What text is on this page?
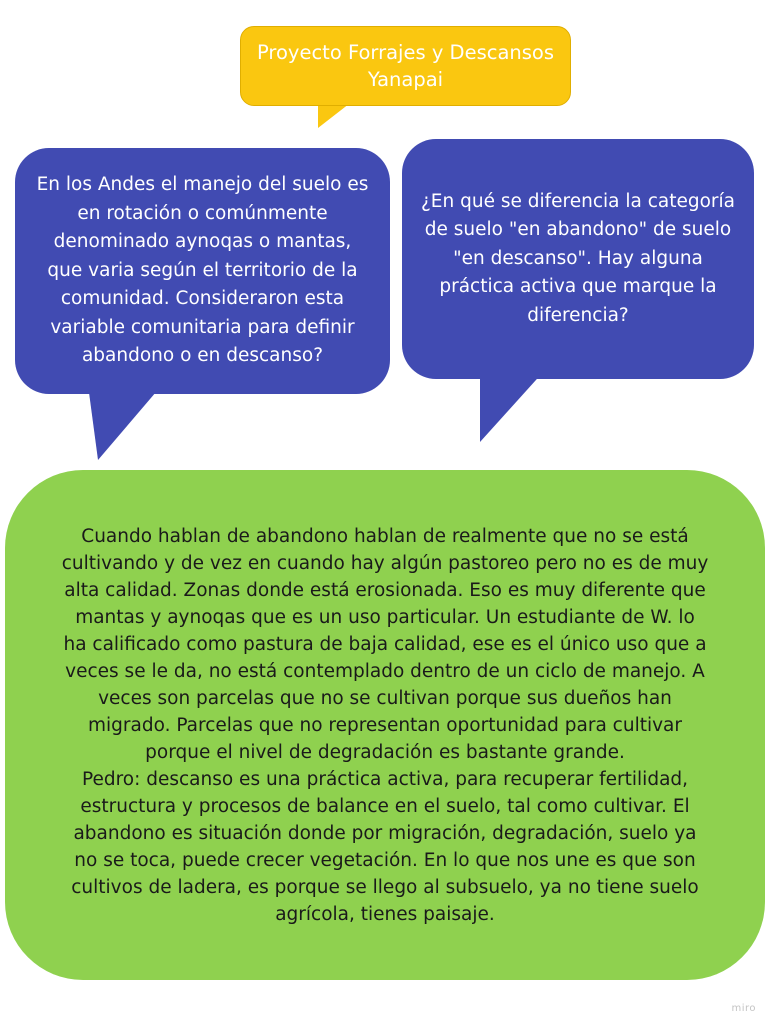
Proyecto Forrajes y Descansos
Yanapai
En los Andes el manejo del suelo es
en rotación o comúnmente
denominado aynoqas o mantas,
que varia según el territorio de la
comunidad. Consideraron esta
variable comunitaria para definir
abandono o en descanso?
¿En qué se diferencia la categoría
de suelo "en abandono" de suelo
"en descanso". Hay alguna
práctica activa que marque la
diferencia?
Cuando hablan de abandono hablan de realmente que no se está
cultivando y de vez en cuando hay algún pastoreo pero no es de muy
alta calidad. Zonas donde está erosionada. Eso es muy diferente que
mantas y aynoqas que es un uso particular. Un estudiante de W. lo
ha calificado como pastura de baja calidad, ese es el único uso que a
veces se le da, no está contemplado dentro de un ciclo de manejo. A
veces son parcelas que no se cultivan porque sus dueños han
migrado. Parcelas que no representan oportunidad para cultivar
porque el nivel de degradación es bastante grande.
Pedro: descanso es una práctica activa, para recuperar fertilidad,
estructura y procesos de balance en el suelo, tal como cultivar. El
abandono es situación donde por migración, degradación, suelo ya
no se toca, puede crecer vegetación. En lo que nos une es que son
cultivos de ladera, es porque se llego al subsuelo, ya no tiene suelo
agrícola, tienes paisaje.
miro
